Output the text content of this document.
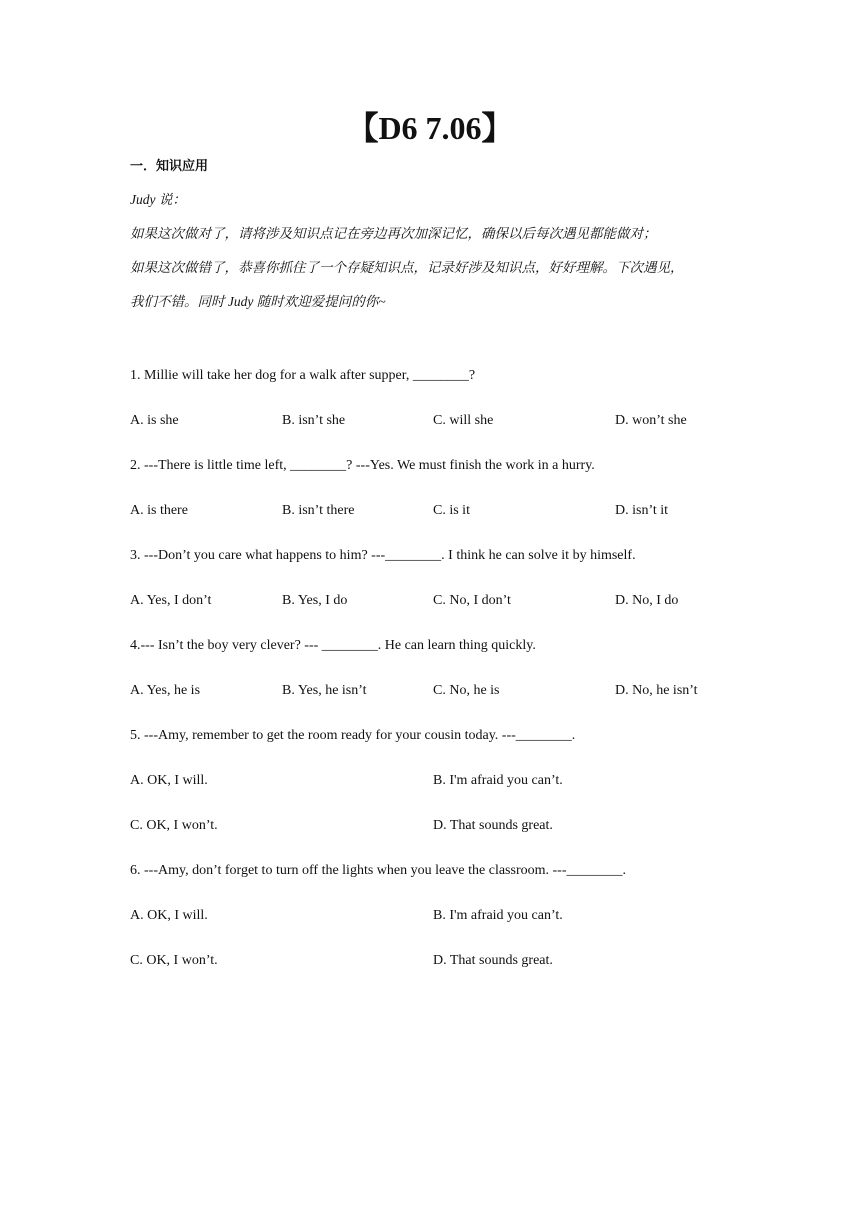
【D6 7.06】
一．知识应用
Judy 说：
如果这次做对了，请将涉及知识点记在旁边再次加深记忆，确保以后每次遇见都能做对；
如果这次做错了，恭喜你抓住了一个存疑知识点，记录好涉及知识点，好好理解。下次遇见，
我们不错。同时 Judy 随时欢迎爱提问的你~
1. Millie will take her dog for a walk after supper, ________?
A. is she	B. isn’t she	C. will she	D. won’t she
2. ---There is little time left, ________? ---Yes. We must finish the work in a hurry.
A. is there	B. isn’t there	C. is it	D. isn’t it
3. ---Don’t you care what happens to him? ---________. I think he can solve it by himself.
A. Yes, I don’t	B. Yes, I do	C. No, I don’t	D. No, I do
4.--- Isn’t the boy very clever? --- ________. He can learn thing quickly.
A. Yes, he is	B. Yes, he isn’t	C. No, he is	D. No, he isn’t
5. ---Amy, remember to get the room ready for your cousin today. ---________.
A. OK, I will.	B. I'm afraid you can’t.
C. OK, I won’t.	D. That sounds great.
6. ---Amy, don’t forget to turn off the lights when you leave the classroom. ---________.
A. OK, I will.	B. I'm afraid you can’t.
C. OK, I won’t.	D. That sounds great.
